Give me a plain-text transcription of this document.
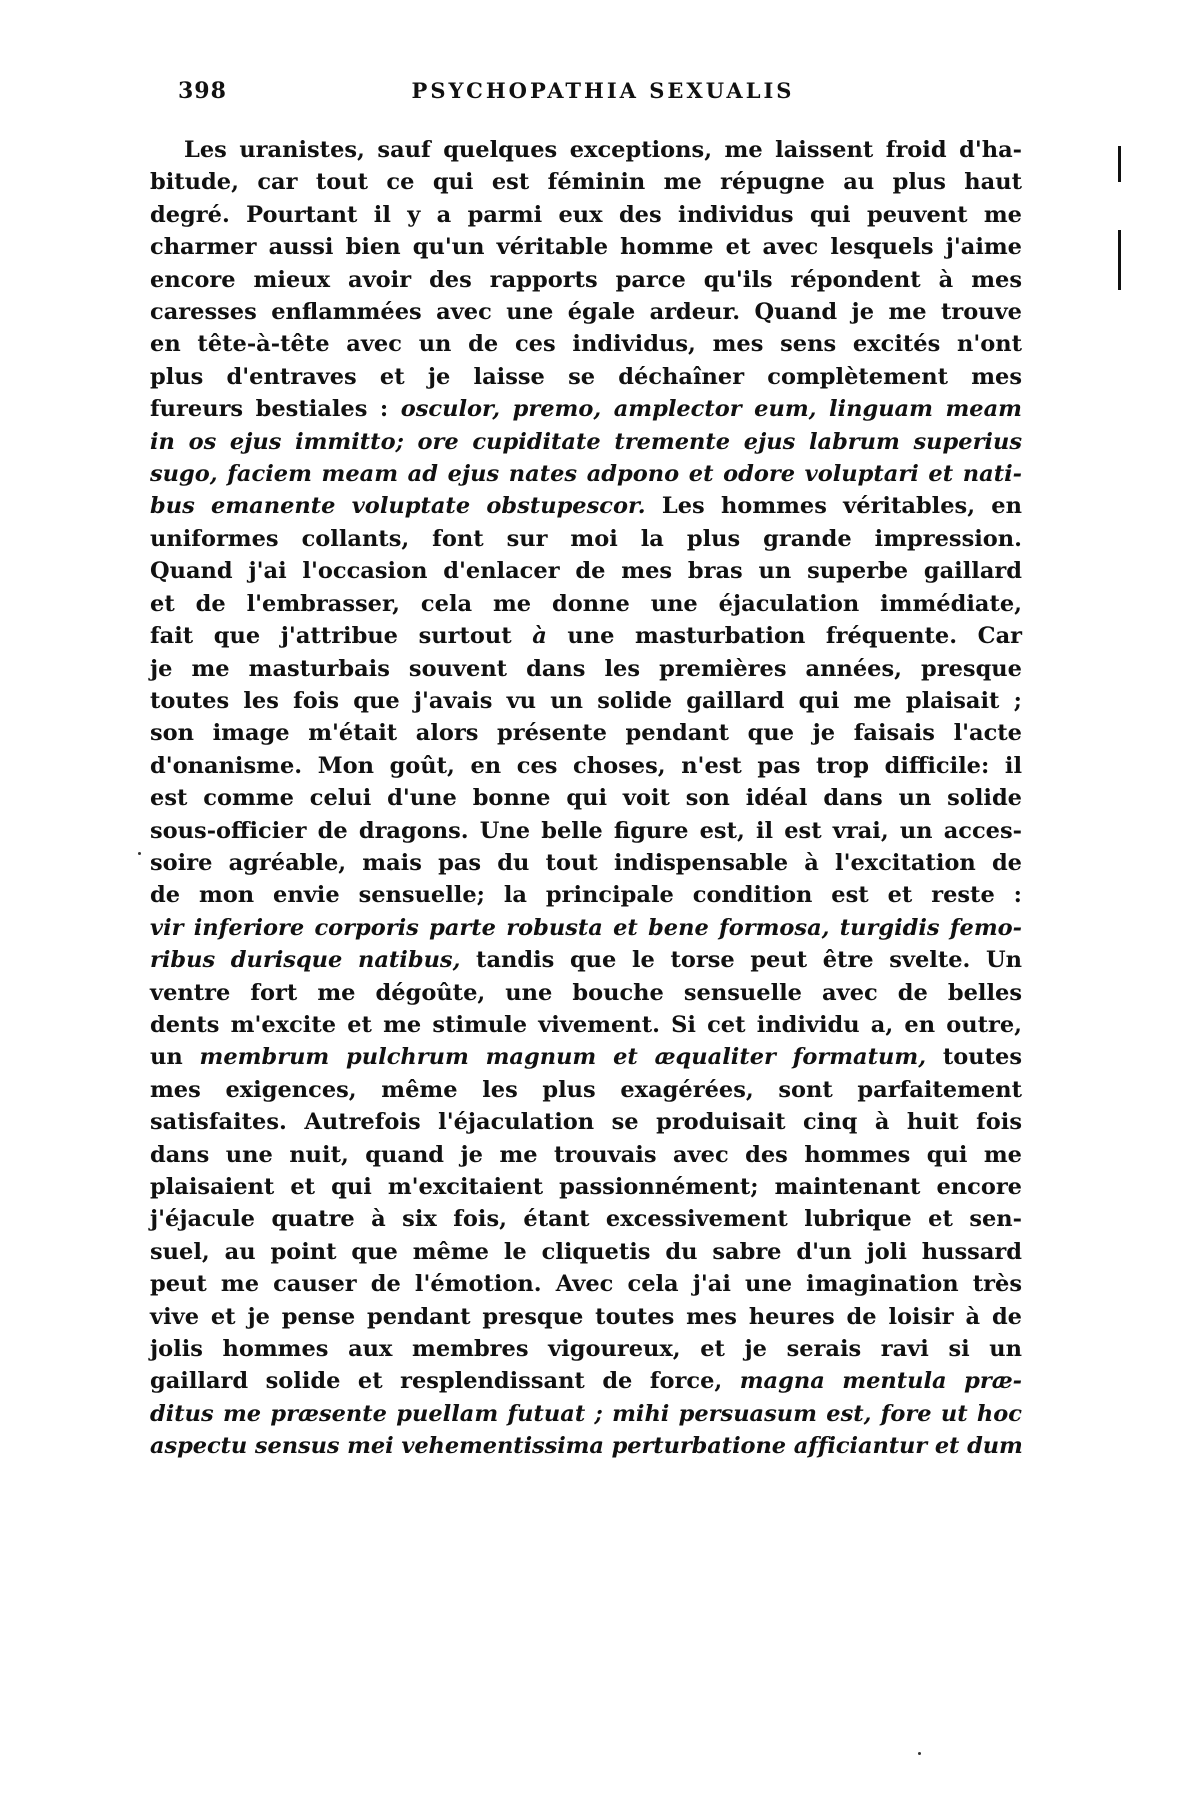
398	PSYCHOPATHIA SEXUALIS
Les uranistes, sauf quelques exceptions, me laissent froid d'ha-
bitude, car tout ce qui est féminin me répugne au plus haut
degré. Pourtant il y a parmi eux des individus qui peuvent me
charmer aussi bien qu'un véritable homme et avec lesquels j'aime
encore mieux avoir des rapports parce qu'ils répondent à mes
caresses enflammées avec une égale ardeur. Quand je me trouve
en tête-à-tête avec un de ces individus, mes sens excités n'ont
plus d'entraves et je laisse se déchaîner complètement mes
fureurs bestiales : osculor, premo, amplector eum, linguam meam
in os ejus immitto; ore cupiditate tremente ejus labrum superius
sugo, faciem meam ad ejus nates adpono et odore voluptari et nati-
bus emanente voluptate obstupescor. Les hommes véritables, en
uniformes collants, font sur moi la plus grande impression.
Quand j'ai l'occasion d'enlacer de mes bras un superbe gaillard
et de l'embrasser, cela me donne une éjaculation immédiate,
fait que j'attribue surtout à une masturbation fréquente. Car
je me masturbais souvent dans les premières années, presque
toutes les fois que j'avais vu un solide gaillard qui me plaisait ;
son image m'était alors présente pendant que je faisais l'acte
d'onanisme. Mon goût, en ces choses, n'est pas trop difficile: il
est comme celui d'une bonne qui voit son idéal dans un solide
sous-officier de dragons. Une belle figure est, il est vrai, un acces-
soire agréable, mais pas du tout indispensable à l'excitation de
de mon envie sensuelle; la principale condition est et reste :
vir inferiore corporis parte robusta et bene formosa, turgidis femo-
ribus durisque natibus, tandis que le torse peut être svelte. Un
ventre fort me dégoûte, une bouche sensuelle avec de belles
dents m'excite et me stimule vivement. Si cet individu a, en outre,
un membrum pulchrum magnum et æqualiter formatum, toutes
mes exigences, même les plus exagérées, sont parfaitement
satisfaites. Autrefois l'éjaculation se produisait cinq à huit fois
dans une nuit, quand je me trouvais avec des hommes qui me
plaisaient et qui m'excitaient passionnément; maintenant encore
j'éjacule quatre à six fois, étant excessivement lubrique et sen-
suel, au point que même le cliquetis du sabre d'un joli hussard
peut me causer de l'émotion. Avec cela j'ai une imagination très
vive et je pense pendant presque toutes mes heures de loisir à de
jolis hommes aux membres vigoureux, et je serais ravi si un
gaillard solide et resplendissant de force, magna mentula præ-
ditus me præsente puellam futuat ; mihi persuasum est, fore ut hoc
aspectu sensus mei vehementissima perturbatione afficiantur et dum
